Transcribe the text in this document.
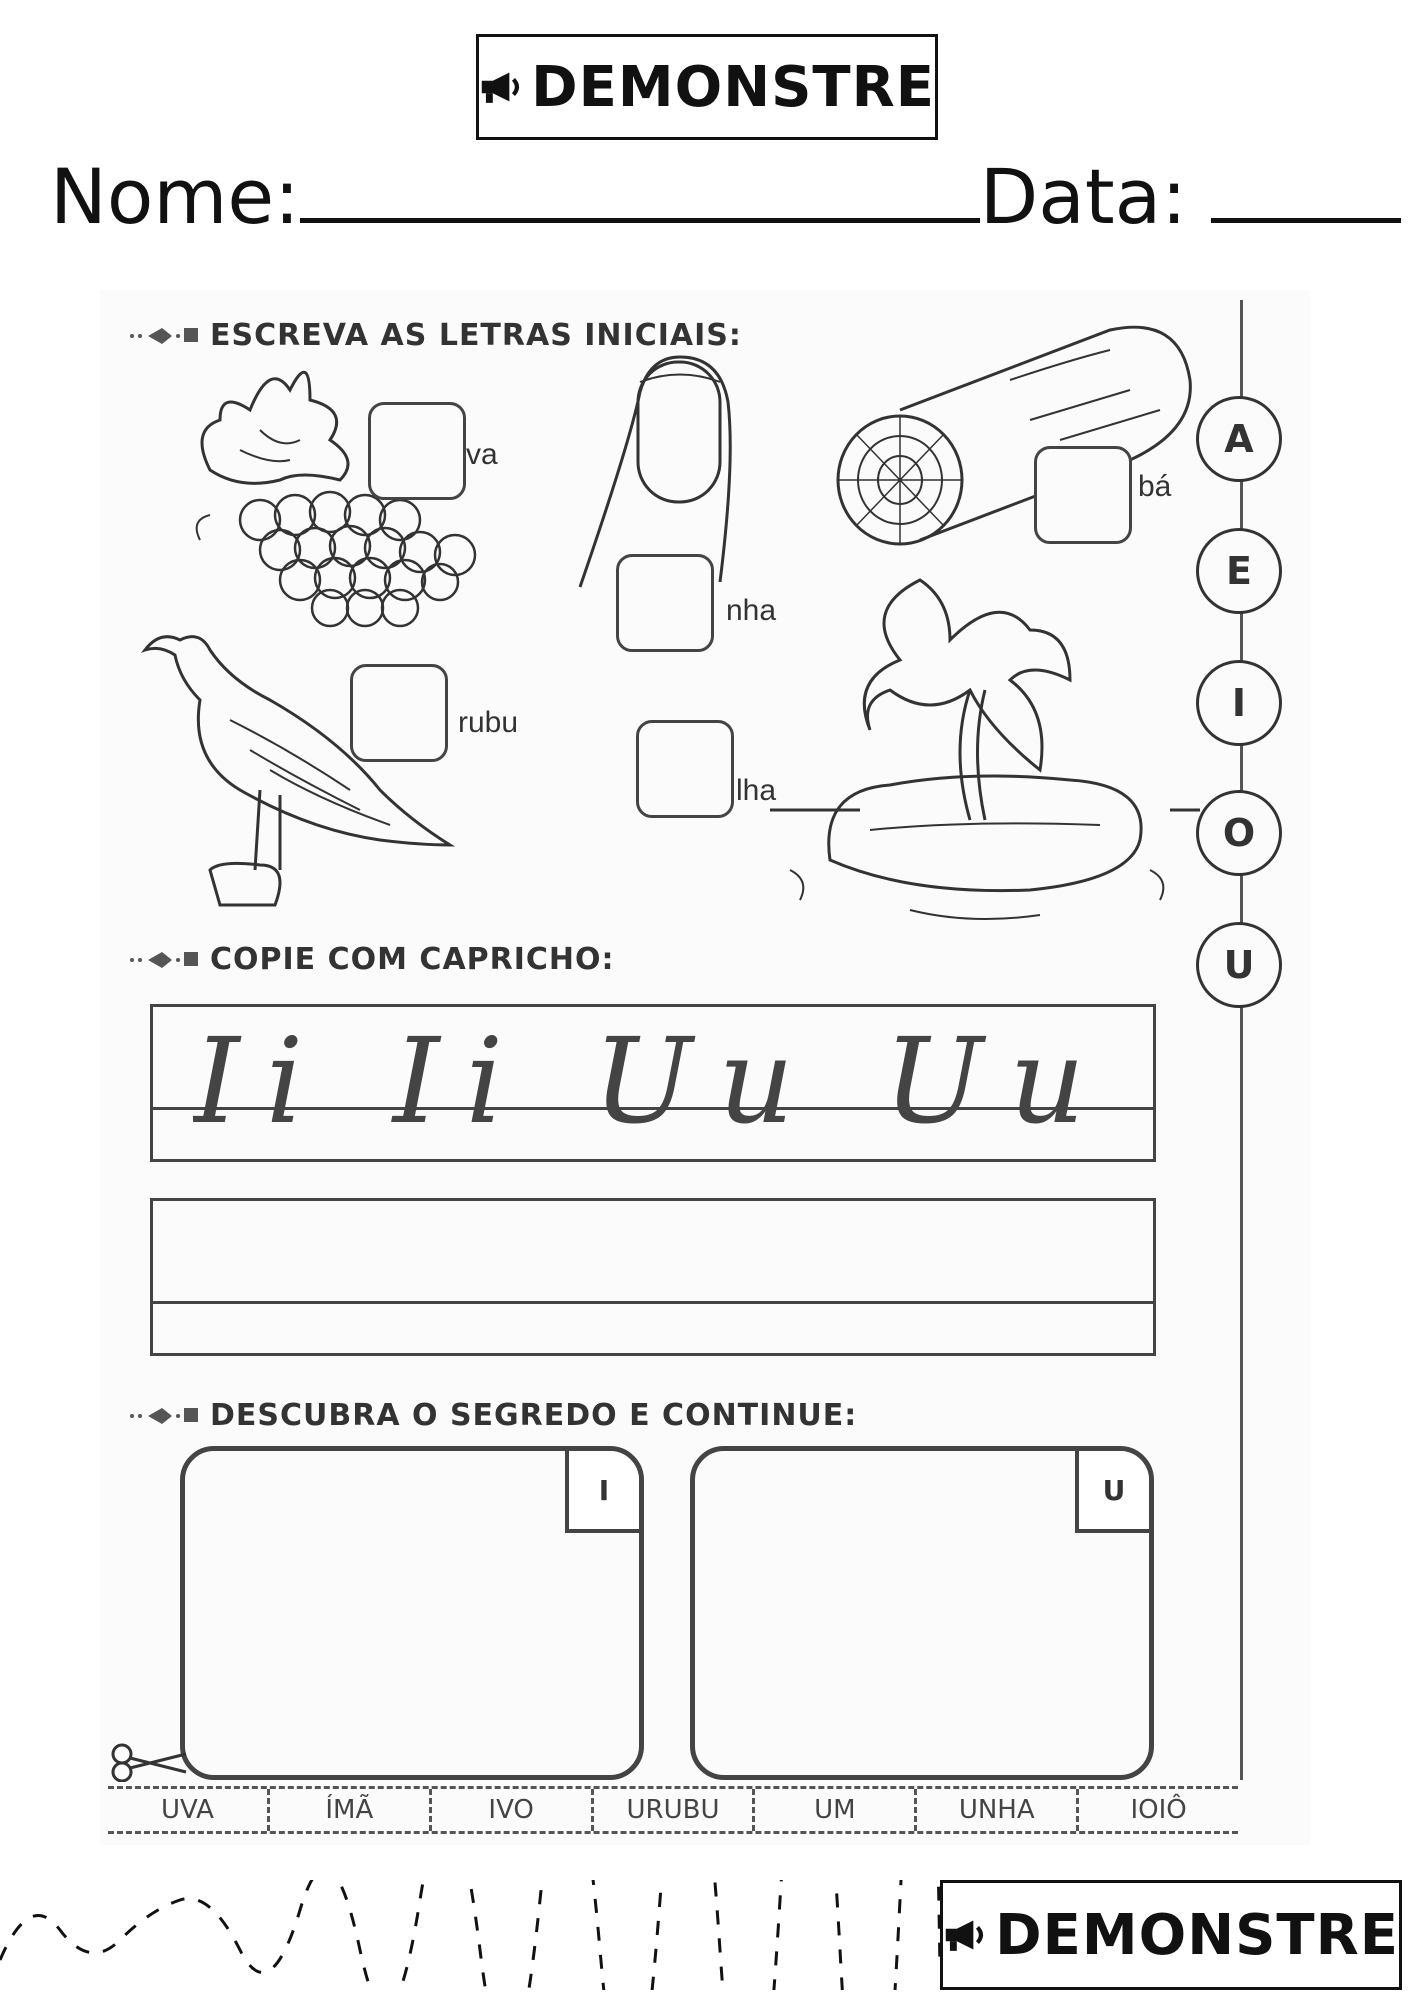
DEMONSTRE
Nome:	Data:
ESCREVA AS LETRAS INICIAIS:
va
nha
bá
rubu
lha
A
E
I
O
U
COPIE COM CAPRICHO:
Ii Ii Uu Uu
DESCUBRA O SEGREDO E CONTINUE:
I	U
UVA	ÍMÃ	IVO	URUBU	UM	UNHA	IOIÔ
DEMONSTRE
